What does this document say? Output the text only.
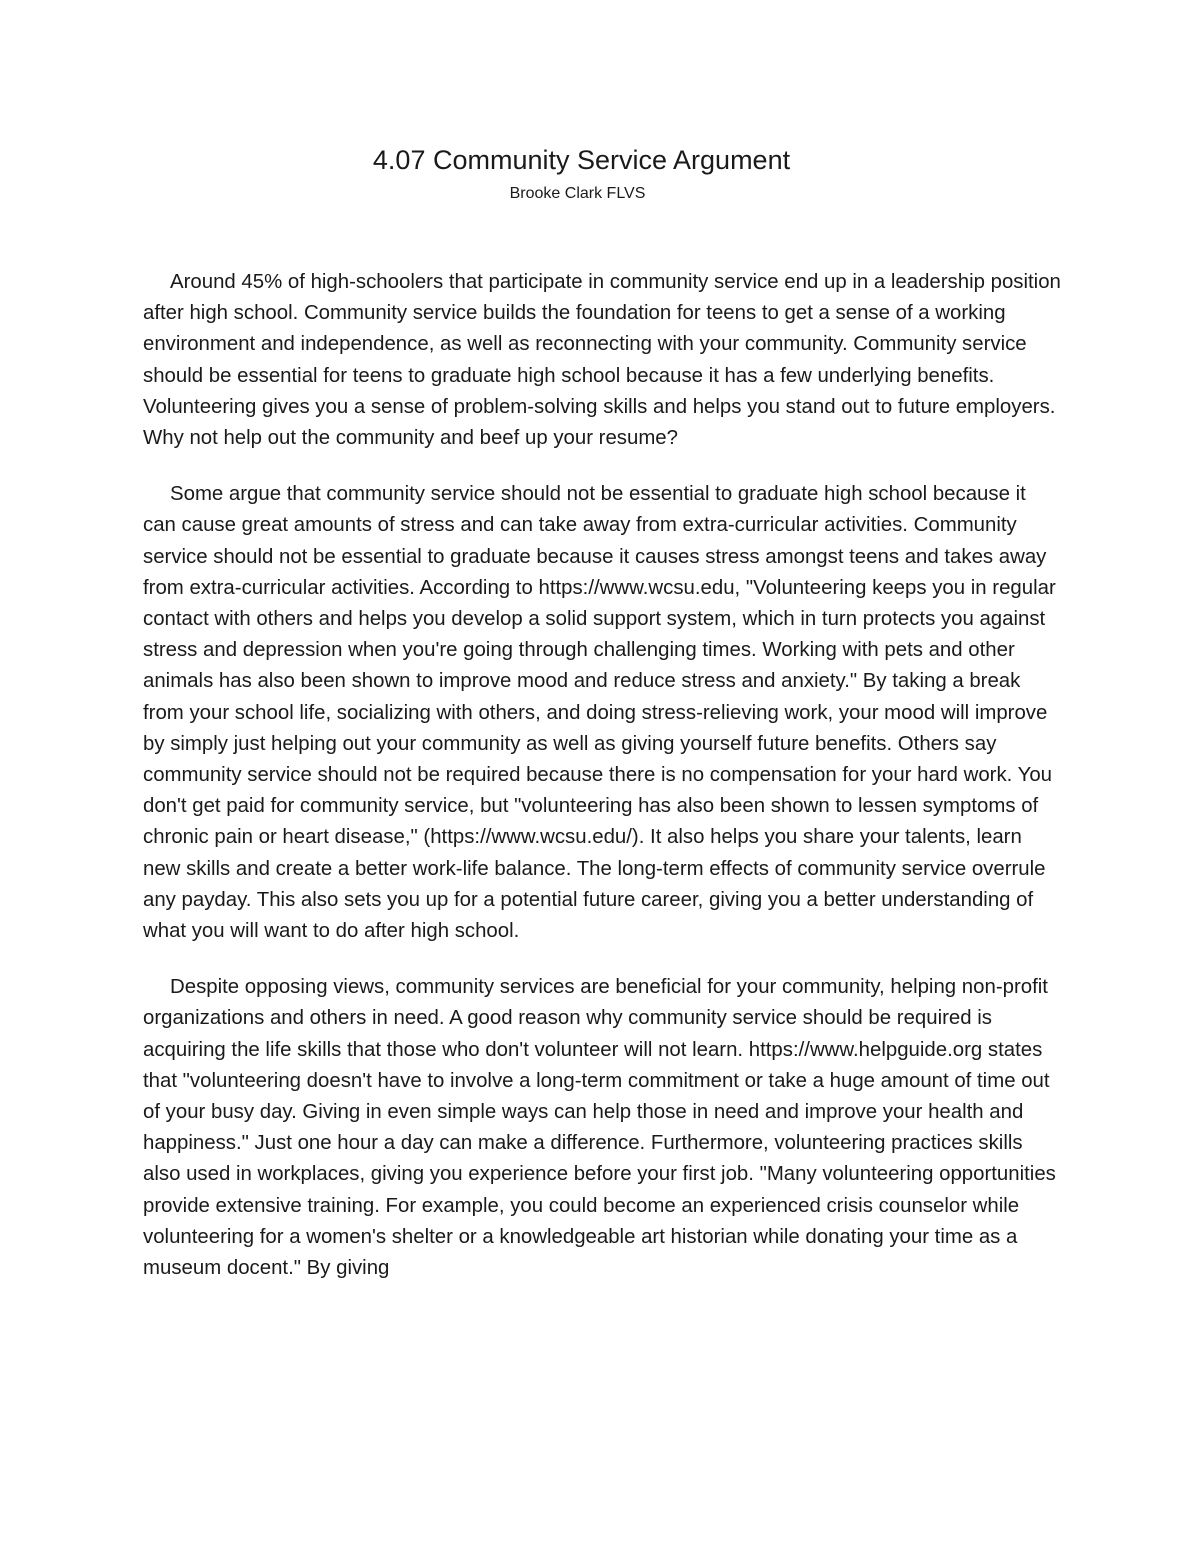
4.07 Community Service Argument
Brooke Clark FLVS

Around 45% of high-schoolers that participate in community service end up in a leadership position after high school. Community service builds the foundation for teens to get a sense of a working environment and independence, as well as reconnecting with your community. Community service should be essential for teens to graduate high school because it has a few underlying benefits. Volunteering gives you a sense of problem-solving skills and helps you stand out to future employers. Why not help out the community and beef up your resume?

Some argue that community service should not be essential to graduate high school because it can cause great amounts of stress and can take away from extra-curricular activities. Community service should not be essential to graduate because it causes stress amongst teens and takes away from extra-curricular activities. According to https://www.wcsu.edu, "Volunteering keeps you in regular contact with others and helps you develop a solid support system, which in turn protects you against stress and depression when you're going through challenging times. Working with pets and other animals has also been shown to improve mood and reduce stress and anxiety." By taking a break from your school life, socializing with others, and doing stress-relieving work, your mood will improve by simply just helping out your community as well as giving yourself future benefits. Others say community service should not be required because there is no compensation for your hard work. You don't get paid for community service, but "volunteering has also been shown to lessen symptoms of chronic pain or heart disease," (https://www.wcsu.edu/). It also helps you share your talents, learn new skills and create a better work-life balance. The long-term effects of community service overrule any payday. This also sets you up for a potential future career, giving you a better understanding of what you will want to do after high school.

Despite opposing views, community services are beneficial for your community, helping non-profit organizations and others in need. A good reason why community service should be required is acquiring the life skills that those who don't volunteer will not learn. https://www.helpguide.org states that "volunteering doesn't have to involve a long-term commitment or take a huge amount of time out of your busy day. Giving in even simple ways can help those in need and improve your health and happiness." Just one hour a day can make a difference. Furthermore, volunteering practices skills also used in workplaces, giving you experience before your first job. "Many volunteering opportunities provide extensive training. For example, you could become an experienced crisis counselor while volunteering for a women's shelter or a knowledgeable art historian while donating your time as a museum docent." By giving
